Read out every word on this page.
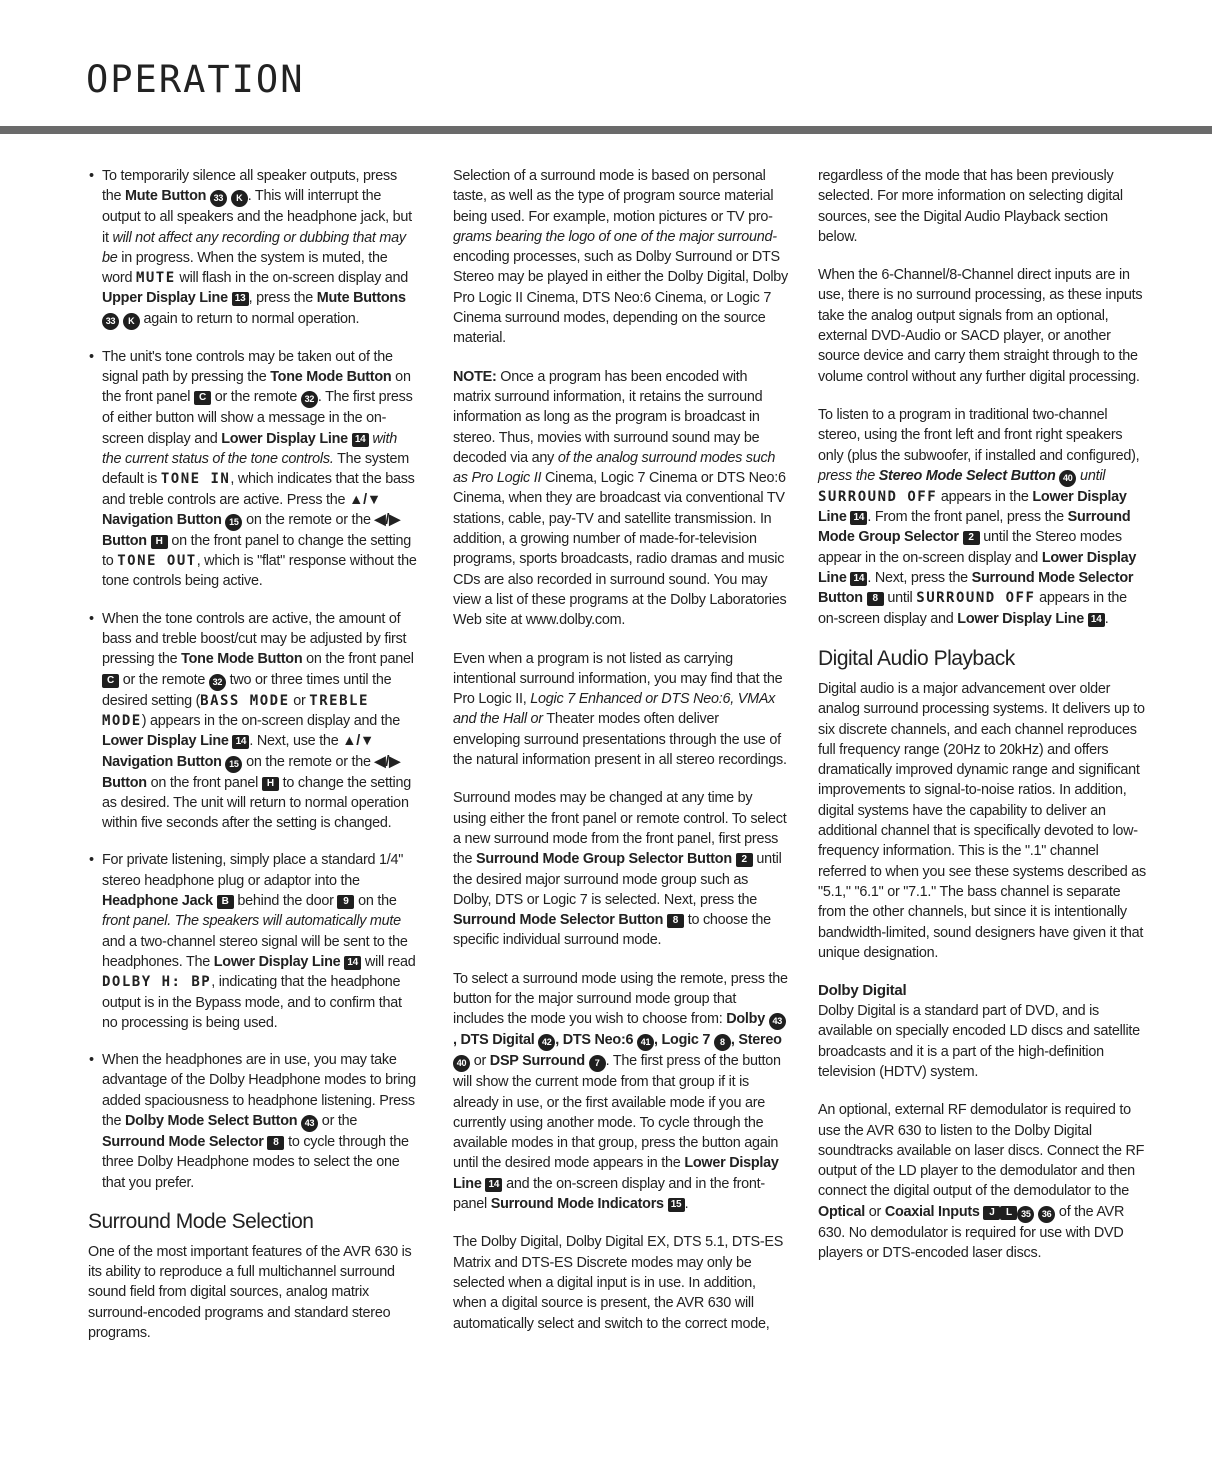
OPERATION
• To temporarily silence all speaker outputs, press the Mute Button 33 K . This will interrupt the output to all speakers and the headphone jack, but it will not affect any recording or dubbing that may be in progress. When the system is muted, the word MUTE will flash in the on-screen display and Upper Display Line 13 , press the Mute Buttons 33 K again to return to normal operation.
• The unit's tone controls may be taken out of the signal path by pressing the Tone Mode Button on the front panel C or the remote 32 . The first press of either button will show a message in the on-screen display and Lower Display Line 14 with the current status of the tone controls. The system default is TONE IN, which indicates that the bass and treble controls are active. Press the ▲/▼ Navigation Button 15 on the remote or the ◀/▶ Button H on the front panel to change the setting to TONE OUT, which is "flat" response without the tone controls being active.
• When the tone controls are active, the amount of bass and treble boost/cut may be adjusted by first pressing the Tone Mode Button on the front panel C or the remote 32 two or three times until the desired setting (BASS MODE or TREBLE MODE) appears in the on-screen display and the Lower Display Line 14 . Next, use the ▲/▼ Navigation Button 15 on the remote or the ◀/▶ Button on the front panel H to change the setting as desired. The unit will return to normal operation within five seconds after the setting is changed.
• For private listening, simply place a standard 1/4" stereo headphone plug or adaptor into the Headphone Jack B behind the door 9 on the front panel. The speakers will automatically mute and a two-channel stereo signal will be sent to the headphones. The Lower Display Line 14 will read DOLBY H: BP, indicating that the headphone output is in the Bypass mode, and to confirm that no processing is being used.
• When the headphones are in use, you may take advantage of the Dolby Headphone modes to bring added spaciousness to headphone listening. Press the Dolby Mode Select Button 43 or the Surround Mode Selector 8 to cycle through the three Dolby Headphone modes to select the one that you prefer.
Surround Mode Selection

One of the most important features of the AVR 630 is its ability to reproduce a full multichannel surround sound field from digital sources, analog matrix surround-encoded programs and standard stereo programs.

Selection of a surround mode is based on personal taste, as well as the type of program source material being used. For example, motion pictures or TV pro-grams bearing the logo of one of the major surround-encoding processes, such as Dolby Surround or DTS Stereo may be played in either the Dolby Digital, Dolby Pro Logic II Cinema, DTS Neo:6 Cinema, or Logic 7 Cinema surround modes, depending on the source material.

NOTE: Once a program has been encoded with matrix surround information, it retains the surround information as long as the program is broadcast in stereo. Thus, movies with surround sound may be decoded via any of the analog surround modes such as Pro Logic II Cinema, Logic 7 Cinema or DTS Neo:6 Cinema, when they are broadcast via conventional TV stations, cable, pay-TV and satellite transmission. In addition, a growing number of made-for-television programs, sports broadcasts, radio dramas and music CDs are also recorded in surround sound. You may view a list of these programs at the Dolby Laboratories Web site at www.dolby.com.

Even when a program is not listed as carrying intentional surround information, you may find that the Pro Logic II, Logic 7 Enhanced or DTS Neo:6, VMAx and the Hall or Theater modes often deliver enveloping surround presentations through the use of the natural information present in all stereo recordings.

Surround modes may be changed at any time by using either the front panel or remote control. To select a new surround mode from the front panel, first press the Surround Mode Group Selector Button 2 until the desired major surround mode group such as Dolby, DTS or Logic 7 is selected. Next, press the Surround Mode Selector Button 8 to choose the specific individual surround mode.

To select a surround mode using the remote, press the button for the major surround mode group that includes the mode you wish to choose from: Dolby 43, DTS Digital 42 , DTS Neo:6 41 , Logic 7 8 , Stereo 40 or DSP Surround 7 . The first press of the button will show the current mode from that group if it is already in use, or the first available mode if you are currently using another mode. To cycle through the available modes in that group, press the button again until the desired mode appears in the Lower Display Line 14 and the on-screen display and in the front-panel Surround Mode Indicators 15 .

The Dolby Digital, Dolby Digital EX, DTS 5.1, DTS-ES Matrix and DTS-ES Discrete modes may only be selected when a digital input is in use. In addition, when a digital source is present, the AVR 630 will automatically select and switch to the correct mode,

regardless of the mode that has been previously selected. For more information on selecting digital sources, see the Digital Audio Playback section below.

When the 6-Channel/8-Channel direct inputs are in use, there is no surround processing, as these inputs take the analog output signals from an optional, external DVD-Audio or SACD player, or another source device and carry them straight through to the volume control without any further digital processing.

To listen to a program in traditional two-channel stereo, using the front left and front right speakers only (plus the subwoofer, if installed and configured), press the Stereo Mode Select Button 40 until SURROUND OFF appears in the Lower Display Line 14 . From the front panel, press the Surround Mode Group Selector 2 until the Stereo modes appear in the on-screen display and Lower Display Line 14 . Next, press the Surround Mode Selector Button 8 until SURROUND OFF appears in the on-screen display and Lower Display Line 14 .

Digital Audio Playback

Digital audio is a major advancement over older analog surround processing systems. It delivers up to six discrete channels, and each channel reproduces full frequency range (20Hz to 20kHz) and offers dramatically improved dynamic range and significant improvements to signal-to-noise ratios. In addition, digital systems have the capability to deliver an additional channel that is specifically devoted to low-frequency information. This is the ".1" channel referred to when you see these systems described as "5.1," "6.1" or "7.1." The bass channel is separate from the other channels, but since it is intentionally bandwidth-limited, sound designers have given it that unique designation.

Dolby Digital

Dolby Digital is a standard part of DVD, and is available on specially encoded LD discs and satellite broadcasts and it is a part of the high-definition television (HDTV) system.

An optional, external RF demodulator is required to use the AVR 630 to listen to the Dolby Digital soundtracks available on laser discs. Connect the RF output of the LD player to the demodulator and then connect the digital output of the demodulator to the Optical or Coaxial Inputs J L 35 36 of the AVR 630. No demodulator is required for use with DVD players or DTS-encoded laser discs.
